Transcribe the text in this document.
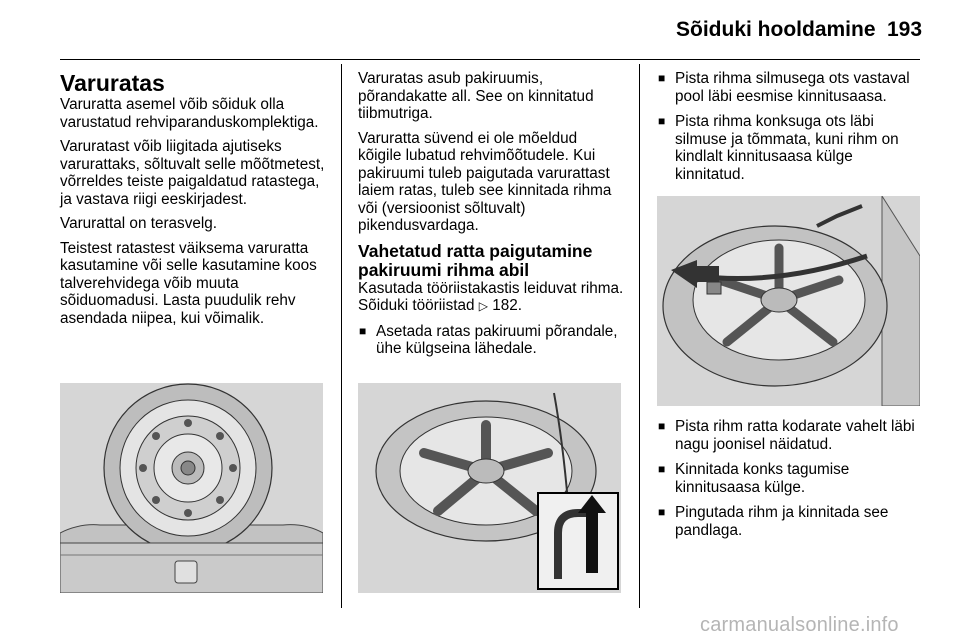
Sõiduki hooldamine 193
Varuratas

Varuratta asemel võib sõiduk olla varustatud rehviparanduskomplektiga.

Varuratast võib liigitada ajutiseks varurattaks, sõltuvalt selle mõõtmetest, võrreldes teiste paigaldatud ratastega, ja vastava riigi eeskirjadest.

Varurattal on terasvelg.

Teistest ratastest väiksema varuratta kasutamine või selle kasutamine koos talverehvidega võib muuta sõiduomadusi. Lasta puudulik rehv asendada niipea, kui võimalik.

Varuratas asub pakiruumis, põrandakatte all. See on kinnitatud tiibmutriga.

Varuratta süvend ei ole mõeldud kõigile lubatud rehvimõõtudele. Kui pakiruumi tuleb paigutada varurattast laiem ratas, tuleb see kinnitada rihma või (versioonist sõltuvalt) pikendusvardaga.

Vahetatud ratta paigutamine pakiruumi rihma abil

Kasutada tööriistakastis leiduvat rihma. Sõiduki tööriistad ▷ 182.

■ Asetada ratas pakiruumi põrandale, ühe külgseina lähedale.
■ Pista rihma silmusega ots vastaval pool läbi eesmise kinnitusaasa.
■ Pista rihma konksuga ots läbi silmuse ja tõmmata, kuni rihm on kindlalt kinnitusaasa külge kinnitatud.
■ Pista rihm ratta kodarate vahelt läbi nagu joonisel näidatud.
■ Kinnitada konks tagumise kinnitusaasa külge.
■ Pingutada rihm ja kinnitada see pandlaga.
carmanualsonline.info
